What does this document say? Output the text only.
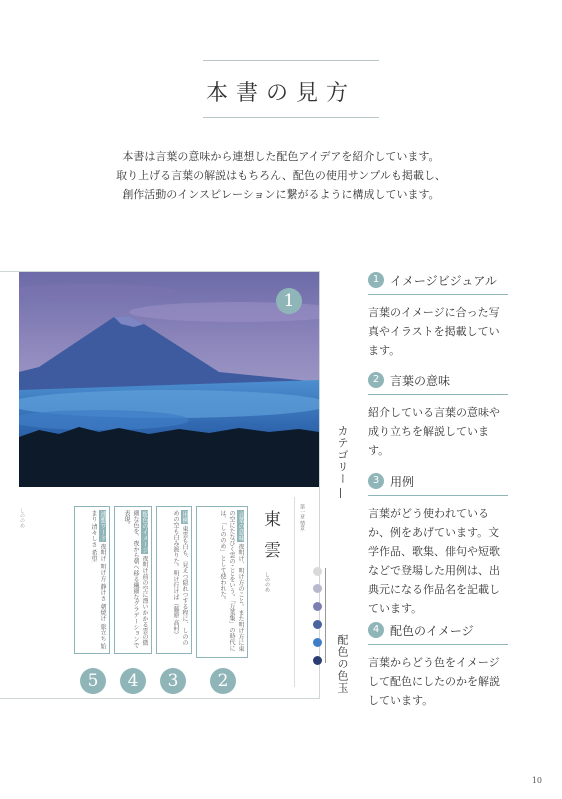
本書の見方
本書は言葉の意味から連想した配色アイデアを紹介しています。
取り上げる言葉の解説はもちろん、配色の使用サンプルも掲載し、
創作活動のインスピレーションに繋がるように構成しています。
1
しののめ	連想ワード 夜明け 明け方 静けさ 朝焼け 旅立ち 始まり 清々しさ 希望	配色のイメージ 夜明け前の空に漂いかかる雲の微細な色を、夜から朝へ移る繊細なグラデーションで表現。	用例 東雲も白も、見えつ隠れつする程に、しののめの空も白み渡りた。明け行けば（藤原 高村）	言葉の意味 夜明け、明け方のこと。また明け方に東の空にたなびく雲のことをいう。「万葉集」の時代には、「しののめ」として使われた。
5	4	3	2
東雲
しののめ
第一章 情景
カテゴリー
配色の色玉
1 イメージビジュアル
言葉のイメージに合った写真やイラストを掲載しています。
2 言葉の意味
紹介している言葉の意味や成り立ちを解説しています。
3 用例
言葉がどう使われているか、例をあげています。文学作品、歌集、俳句や短歌などで登場した用例は、出典元になる作品名を記載しています。
4 配色のイメージ
言葉からどう色をイメージして配色にしたのかを解説しています。
10
